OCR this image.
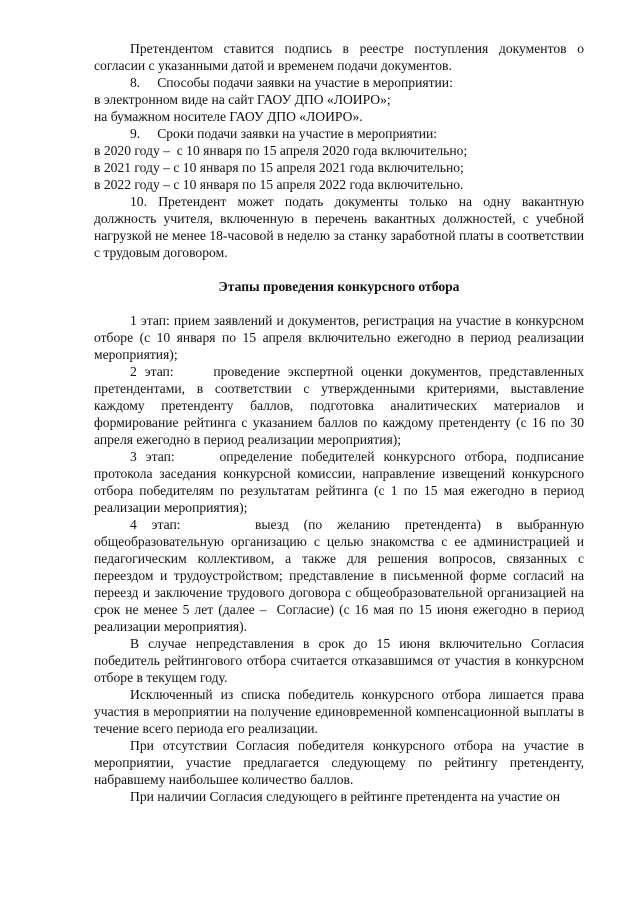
Претендентом ставится подпись в реестре поступления документов о согласии с указанными датой и временем подачи документов.

8.     Способы подачи заявки на участие в мероприятии:

в электронном виде на сайт ГАОУ ДПО «ЛОИРО»;

на бумажном носителе ГАОУ ДПО «ЛОИРО».

9.     Сроки подачи заявки на участие в мероприятии:

в 2020 году –  с 10 января по 15 апреля 2020 года включительно;

в 2021 году – с 10 января по 15 апреля 2021 года включительно;

в 2022 году – с 10 января по 15 апреля 2022 года включительно.

10. Претендент может подать документы только на одну вакантную должность учителя, включенную в перечень вакантных должностей, с учебной нагрузкой не менее 18-часовой в неделю за станку заработной платы в соответствии с трудовым договором.

Этапы проведения конкурсного отбора

1 этап: прием заявлений и документов, регистрация на участие в конкурсном отборе (с 10 января по 15 апреля включительно ежегодно в период реализации мероприятия);

2 этап:     проведение экспертной оценки документов, представленных претендентами, в соответствии с утвержденными критериями, выставление каждому претенденту баллов, подготовка аналитических материалов и формирование рейтинга с указанием баллов по каждому претенденту (с 16 по 30 апреля ежегодно в период реализации мероприятия);

3 этап:     определение победителей конкурсного отбора, подписание протокола заседания конкурсной комиссии, направление извещений конкурсного отбора победителям по результатам рейтинга (с 1 по 15 мая ежегодно в период реализации мероприятия);

4 этап:     выезд (по желанию претендента) в выбранную общеобразовательную организацию с целью знакомства с ее администрацией и педагогическим коллективом, а также для решения вопросов, связанных с переездом и трудоустройством; представление в письменной форме согласий на переезд и заключение трудового договора с общеобразовательной организацией на срок не менее 5 лет (далее –  Согласие) (с 16 мая по 15 июня ежегодно в период реализации мероприятия).

В случае непредставления в срок до 15 июня включительно Согласия победитель рейтингового отбора считается отказавшимся от участия в конкурсном отборе в текущем году.

Исключенный из списка победитель конкурсного отбора лишается права участия в мероприятии на получение единовременной компенсационной выплаты в течение всего периода его реализации.

При отсутствии Согласия победителя конкурсного отбора на участие в мероприятии, участие предлагается следующему по рейтингу претенденту, набравшему наибольшее количество баллов.

При наличии Согласия следующего в рейтинге претендента на участие он
